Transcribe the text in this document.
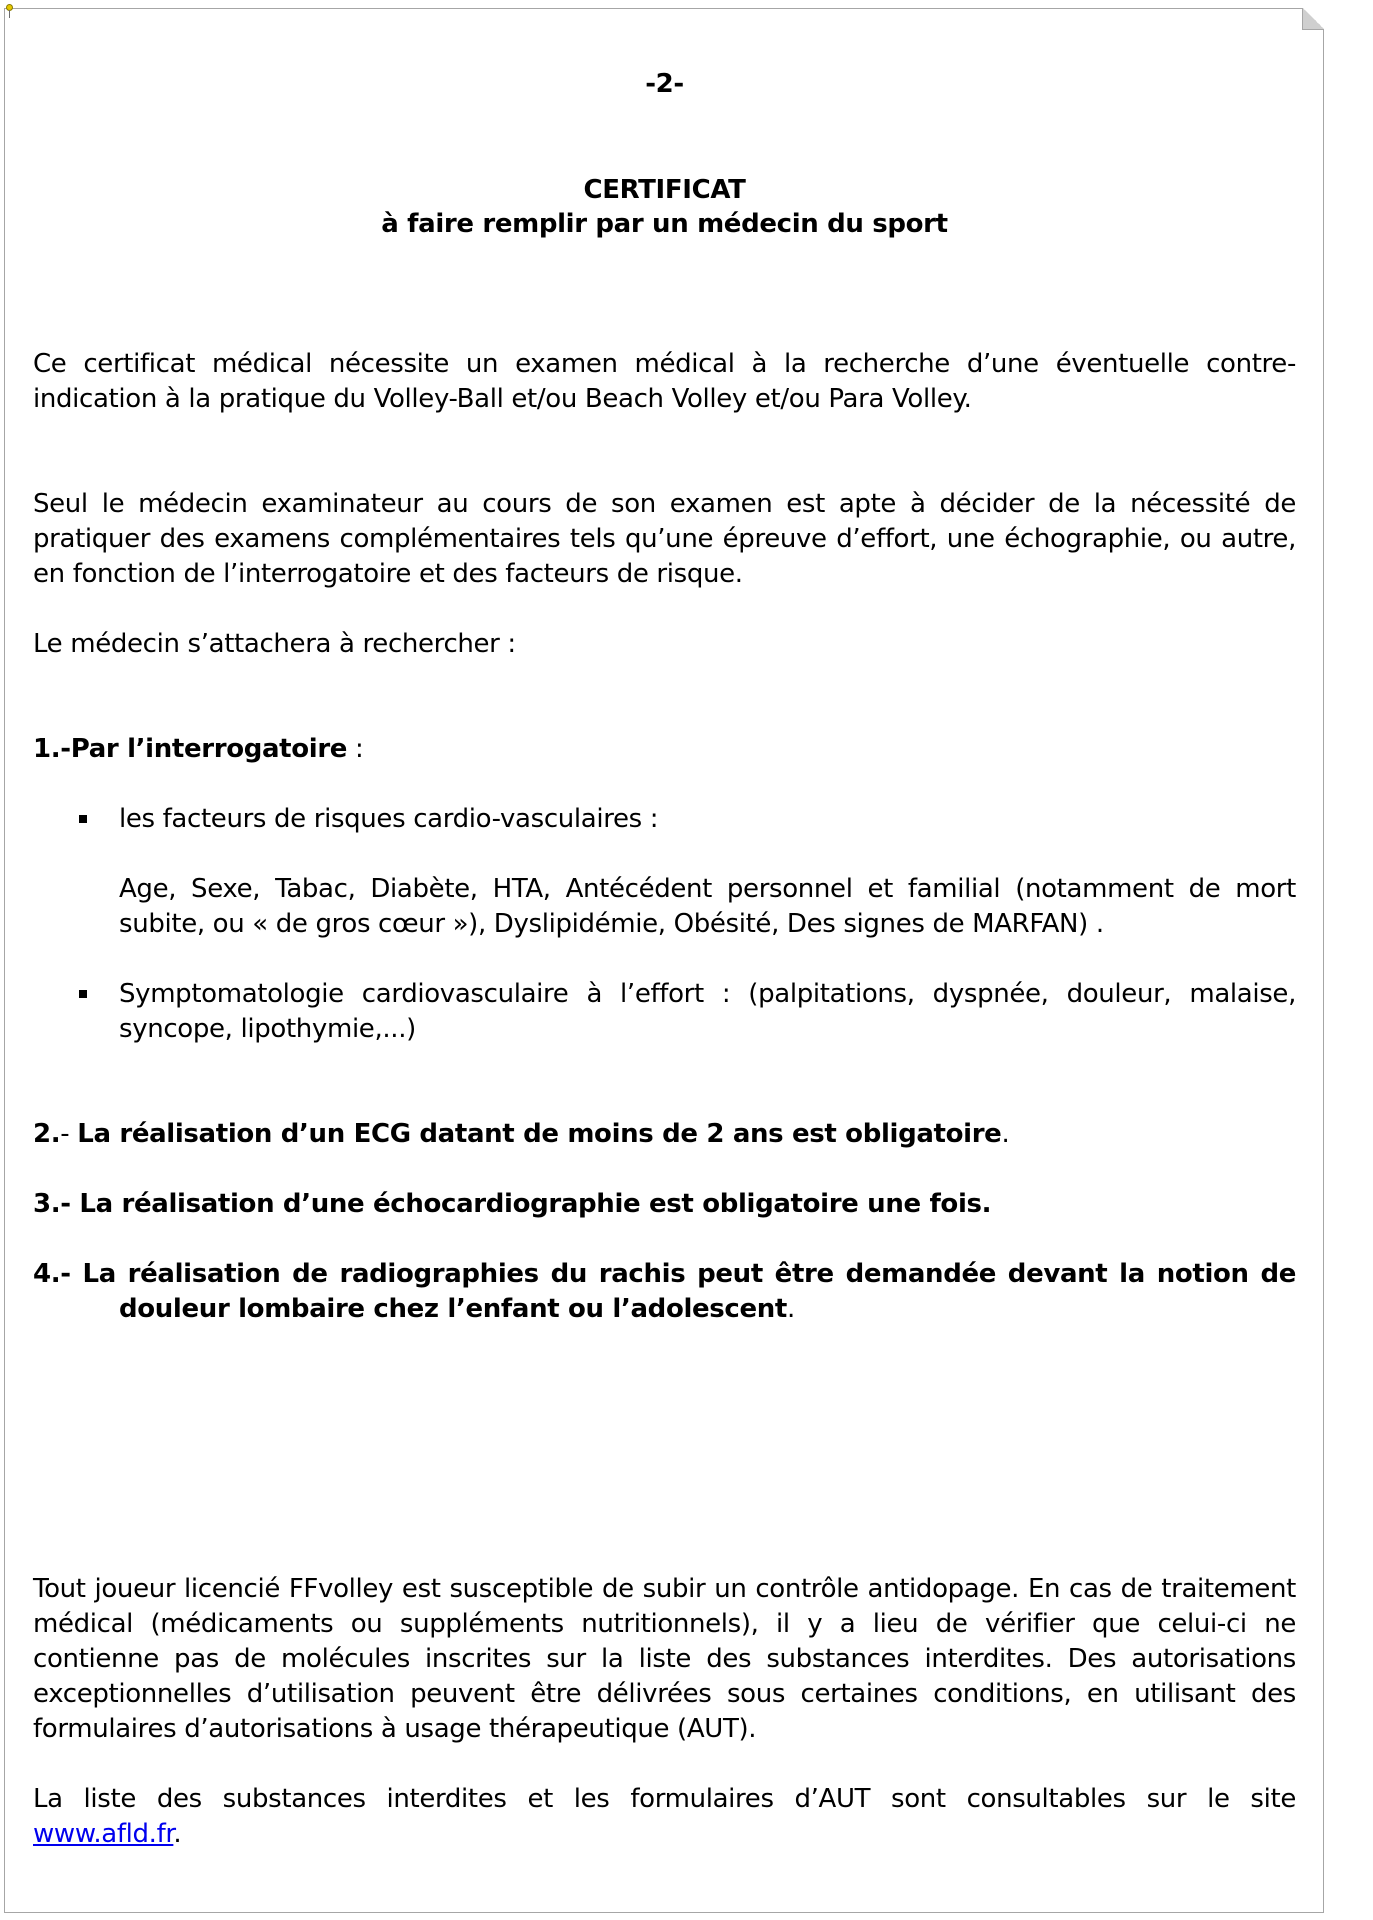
-2-
CERTIFICAT
à faire remplir par un médecin du sport
Ce certificat médical nécessite un examen médical à la recherche d’une éventuelle contre-
indication à la pratique du Volley-Ball et/ou Beach Volley et/ou Para Volley.
Seul le médecin examinateur au cours de son examen est apte à décider de la nécessité de
pratiquer des examens complémentaires tels qu’une épreuve d’effort, une échographie, ou autre,
en fonction de l’interrogatoire et des facteurs de risque.
Le médecin s’attachera à rechercher :
1.-Par l’interrogatoire :
les facteurs de risques cardio-vasculaires :
Age, Sexe, Tabac, Diabète, HTA, Antécédent personnel et familial (notamment de mort
subite, ou « de gros cœur »), Dyslipidémie, Obésité, Des signes de MARFAN) .
Symptomatologie cardiovasculaire à l’effort : (palpitations, dyspnée, douleur, malaise,
syncope, lipothymie,...)
2.- La réalisation d’un ECG datant de moins de 2 ans est obligatoire.
3.- La réalisation d’une échocardiographie est obligatoire une fois.
4.- La réalisation de radiographies du rachis peut être demandée devant la notion de
douleur lombaire chez l’enfant ou l’adolescent.
Tout joueur licencié FFvolley est susceptible de subir un contrôle antidopage. En cas de traitement
médical (médicaments ou suppléments nutritionnels), il y a lieu de vérifier que celui-ci ne
contienne pas de molécules inscrites sur la liste des substances interdites. Des autorisations
exceptionnelles d’utilisation peuvent être délivrées sous certaines conditions, en utilisant des
formulaires d’autorisations à usage thérapeutique (AUT).
La liste des substances interdites et les formulaires d’AUT sont consultables sur le site
www.afld.fr.
